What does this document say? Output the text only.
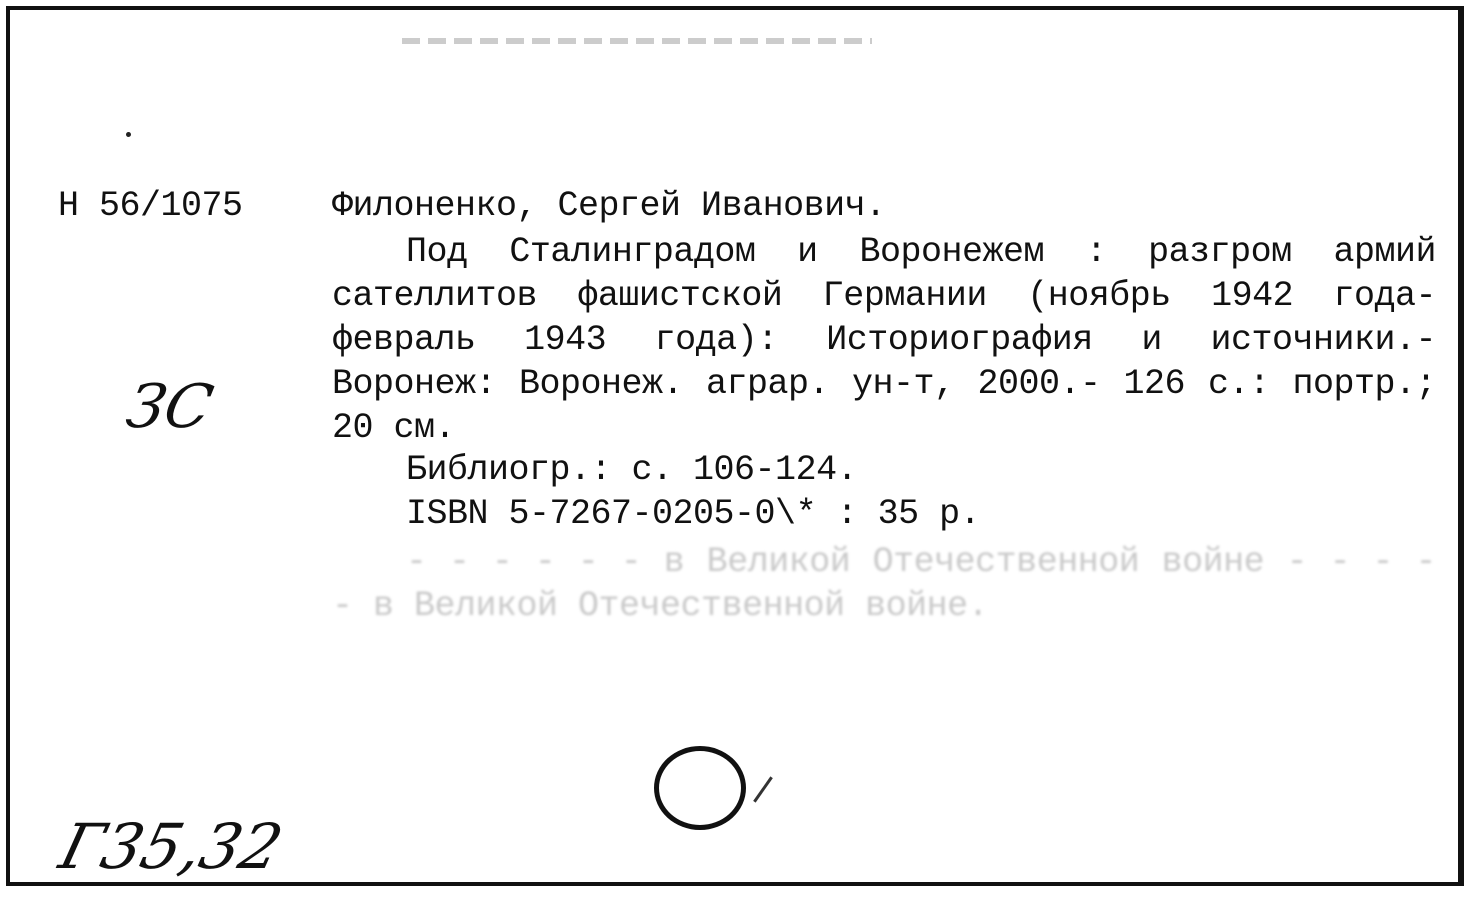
Н 56/1075	Филоненко, Сергей Иванович.

Под Сталинградом и Воронежем : разгром армий сателлитов фашистской Германии (ноябрь 1942 года- февраль 1943 года): Историография и источники.- Воронеж: Воронеж. аграр. ун-т, 2000.- 126 с.: портр.; 20 см.

Библиогр.: с. 106-124.
ISBN 5-7267-0205-0\* : 35 р.

- - - - - - в Великой Отечественной войне - - - - - в Великой Отечественной войне.

ЗС
Г35,32
